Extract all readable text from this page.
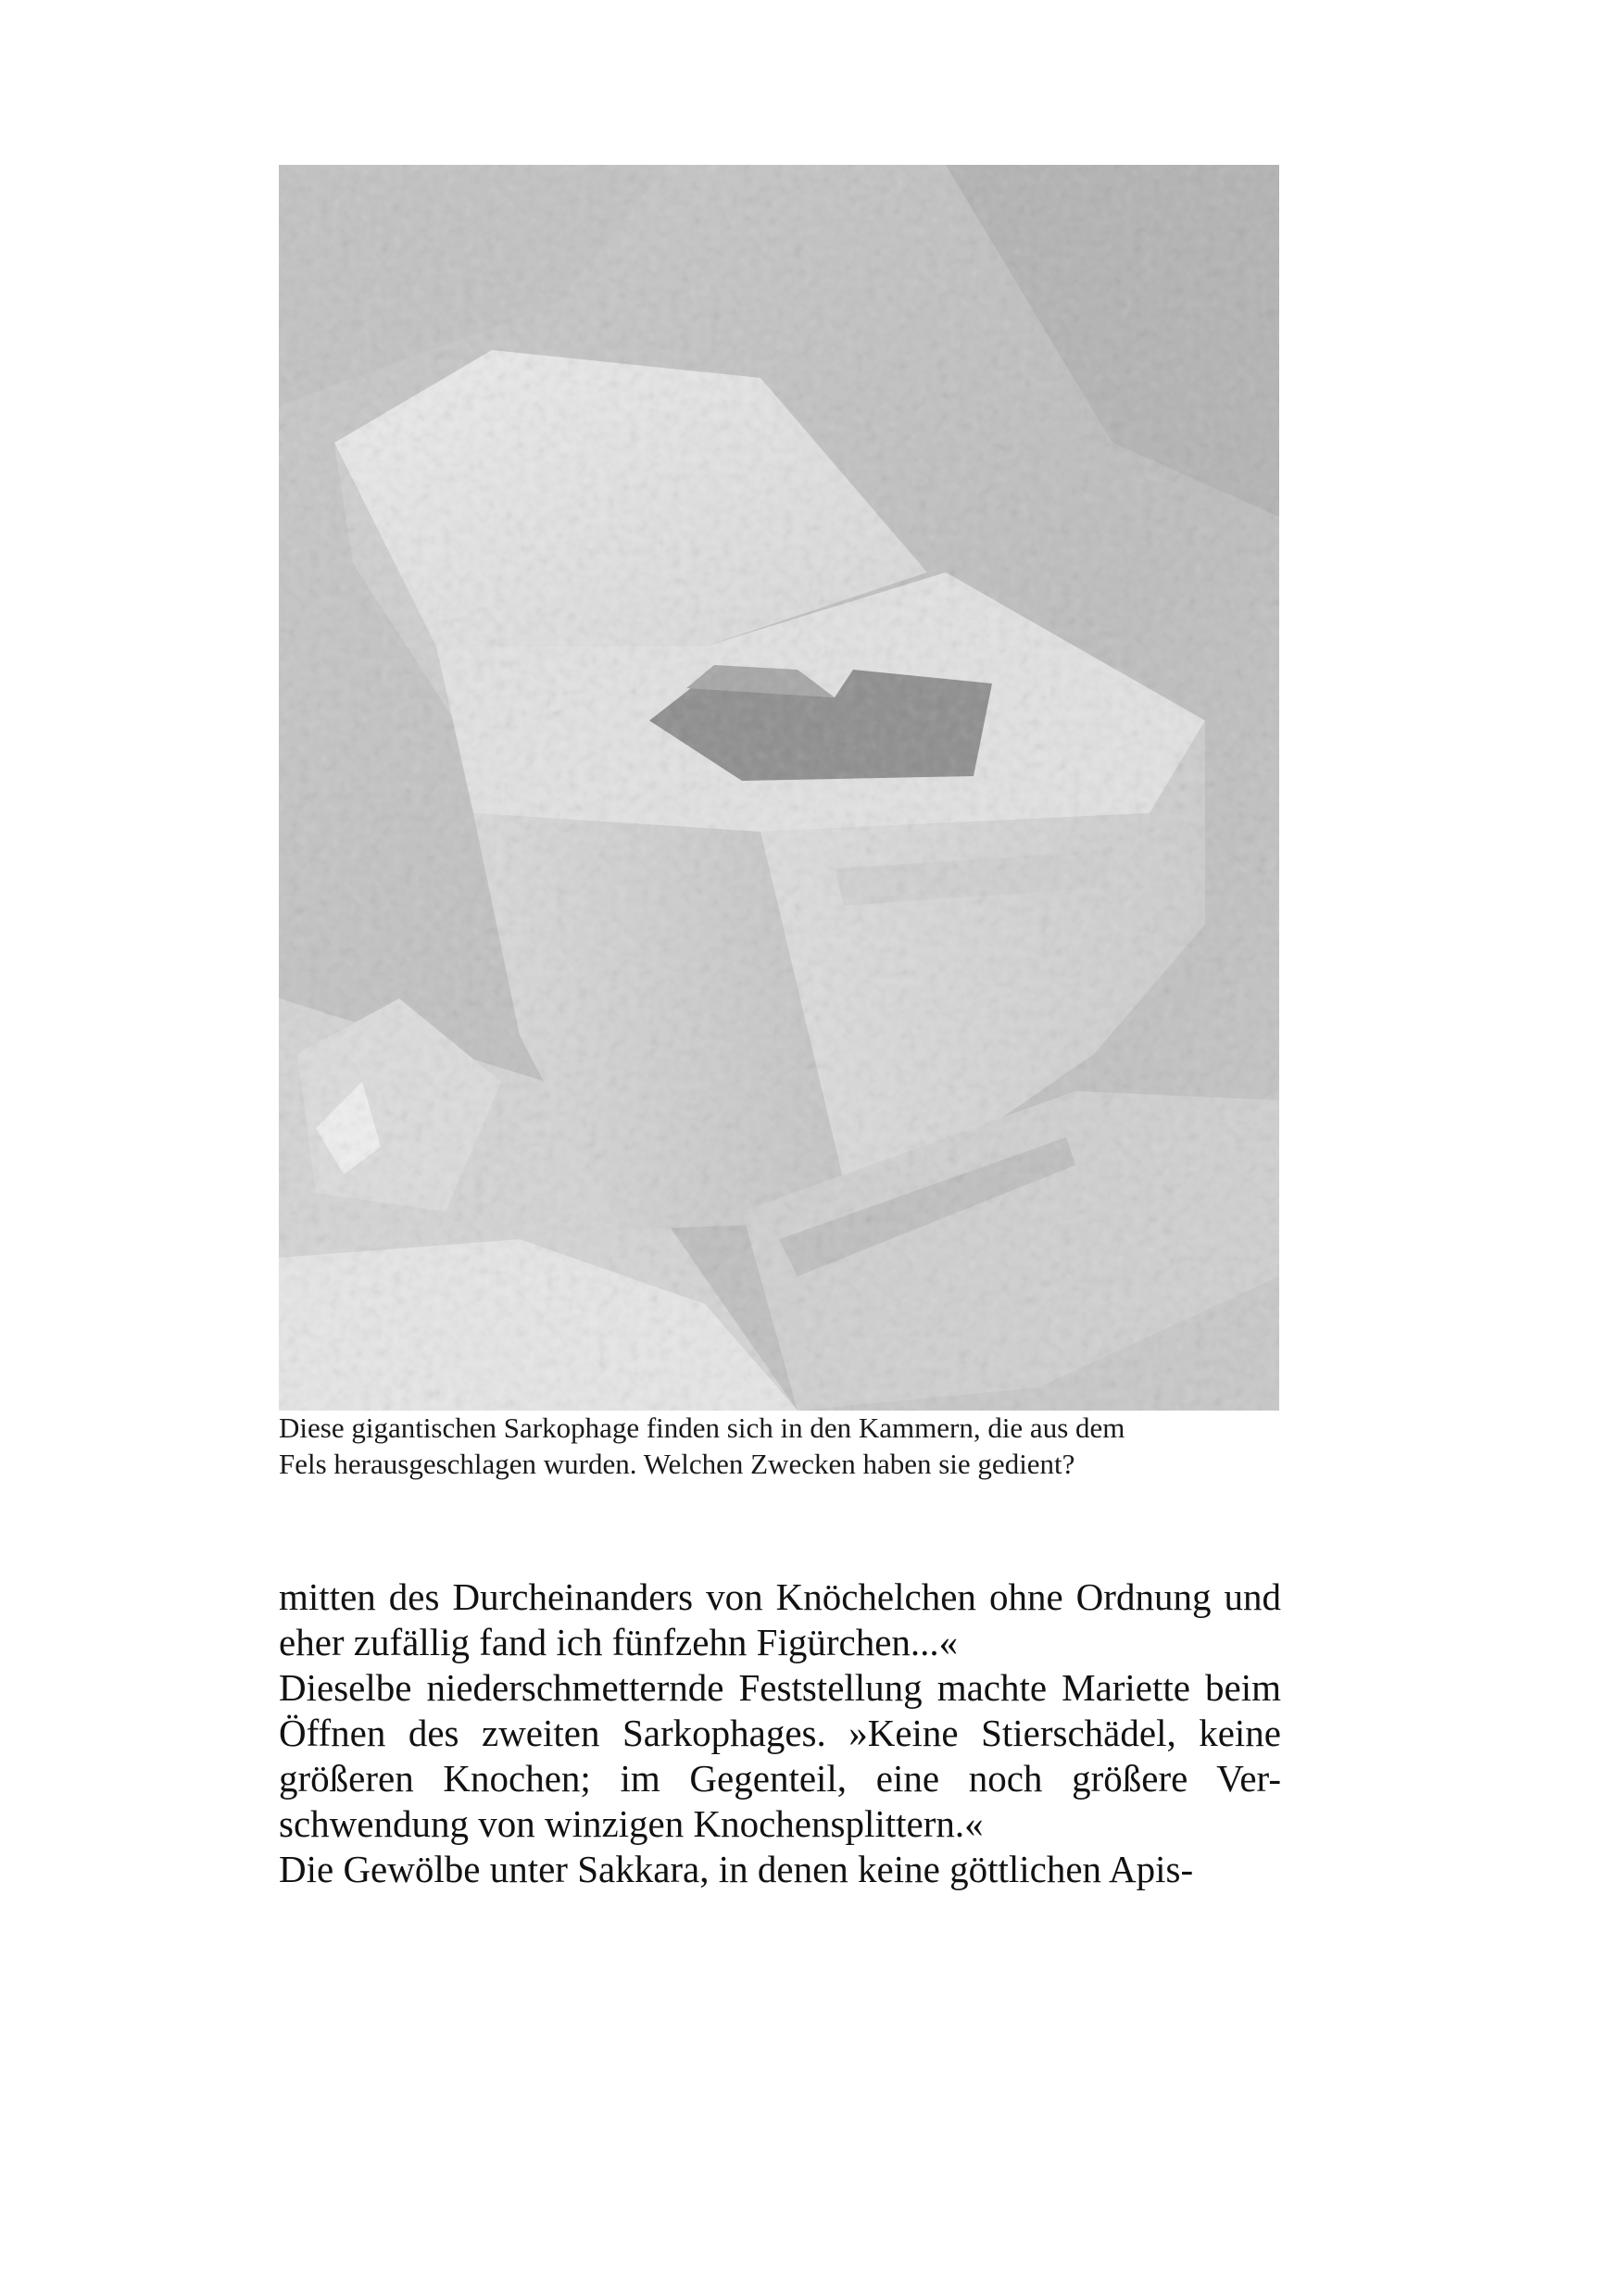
Diese gigantischen Sarkophage finden sich in den Kammern, die aus dem

Fels herausgeschlagen wurden. Welchen Zwecken haben sie gedient?

mitten des Durcheinanders von Knöchelchen ohne Ordnung und

eher zufällig fand ich fünfzehn Figürchen...«

Dieselbe niederschmetternde Feststellung machte Mariette beim

Öffnen des zweiten Sarkophages. »Keine Stierschädel, keine

größeren Knochen; im Gegenteil, eine noch größere Ver-

schwendung von winzigen Knochensplittern.«

Die Gewölbe unter Sakkara, in denen keine göttlichen Apis-
